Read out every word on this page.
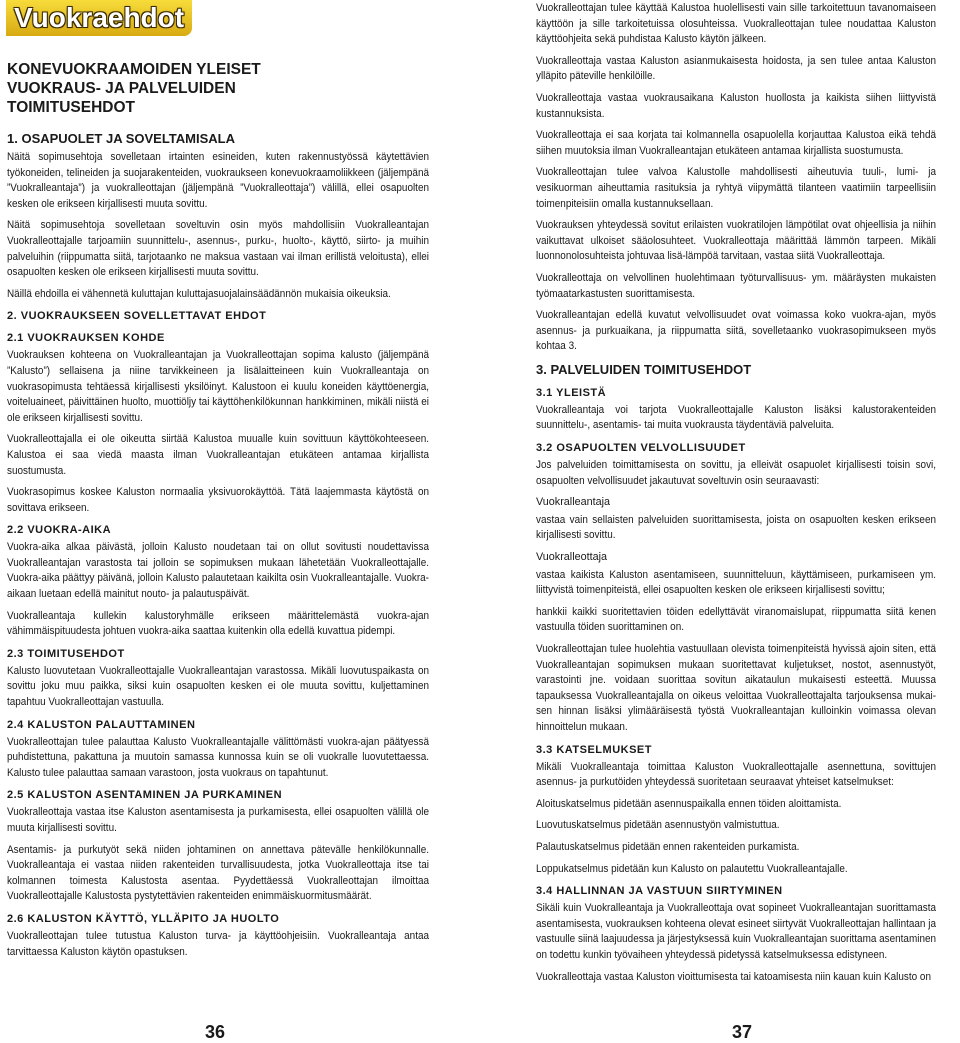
Vuokraehdot
KONEVUOKRAAMOIDEN YLEISET
VUOKRAUS- JA PALVELUIDEN
TOIMITUSEHDOT
1. OSAPUOLET JA SOVELTAMISALA

Näitä sopimusehtoja sovelletaan irtainten esineiden, kuten rakennustyössä käytettävien työkoneiden, telineiden ja suojarakenteiden, vuokraukseen konevuokraamoliikkeen (jäljempänä ”Vuokralleantaja”) ja vuokralleottajan (jäljempänä ”Vuokralleottaja”) välillä, ellei osapuolten kesken ole erikseen kirjallisesti muuta sovittu.

Näitä sopimusehtoja sovelletaan soveltuvin osin myös mahdollisiin Vuokralleantajan Vuokralleottajalle tarjoamiin suunnittelu-, asennus-, purku-, huolto-, käyttö, siirto- ja muihin palveluihin (riippumatta siitä, tarjotaanko ne maksua vastaan vai ilman erillistä veloitusta), ellei osapuolten kesken ole erikseen kirjallisesti muuta sovittu.

Näillä ehdoilla ei vähennetä kuluttajan kuluttajasuojalainsäädännön mukaisia oikeuksia.

2. VUOKRAUKSEEN SOVELLETTAVAT EHDOT
2.1 VUOKRAUKSEN KOHDE

Vuokrauksen kohteena on Vuokralleantajan ja Vuokralleottajan sopima kalusto (jäljempänä ”Kalusto”) sellaisena ja niine tarvikkeineen ja lisälaitteineen kuin Vuokralleantaja on vuokrasopimusta tehtäessä kirjallisesti yksilöinyt. Kalustoon ei kuulu koneiden käyttöenergia, voiteluaineet, päivittäinen huolto, muottiöljy tai käyttöhenkilökunnan hankkiminen, mikäli niistä ei ole erikseen kirjallisesti sovittu.

Vuokralleottajalla ei ole oikeutta siirtää Kalustoa muualle kuin sovittuun käyttökohteeseen. Kalustoa ei saa viedä maasta ilman Vuokralleantajan etukäteen antamaa kirjallista suostumusta.

Vuokrasopimus koskee Kaluston normaalia yksivuorokäyttöä. Tätä laajemmasta käytöstä on sovittava erikseen.

2.2 VUOKRA-AIKA

Vuokra-aika alkaa päivästä, jolloin Kalusto noudetaan tai on ollut sovitusti noudettavissa Vuokralleantajan varastosta tai jolloin se sopimuksen mukaan lähetetään Vuokralleottajalle. Vuokra-aika päättyy päivänä, jolloin Kalusto palautetaan kaikilta osin Vuokralleantajalle. Vuokra-aikaan luetaan edellä mainitut nouto- ja palautuspäivät.

Vuokralleantaja kullekin kalustoryhmälle erikseen määrittelemästä vuokra-ajan vähimmäispituudesta johtuen vuokra-aika saattaa kuitenkin olla edellä kuvattua pidempi.

2.3 TOIMITUSEHDOT

Kalusto luovutetaan Vuokralleottajalle Vuokralleantajan varastossa. Mikäli luovutuspaikasta on sovittu joku muu paikka, siksi kuin osapuolten kesken ei ole muuta sovittu, kuljettaminen tapahtuu Vuokralleottajan vastuulla.

2.4 KALUSTON PALAUTTAMINEN

Vuokralleottajan tulee palauttaa Kalusto Vuokralleantajalle välittömästi vuokra-ajan päätyessä puhdistettuna, pakattuna ja muutoin samassa kunnossa kuin se oli vuokralle luovutettaessa. Kalusto tulee palauttaa samaan varastoon, josta vuokraus on tapahtunut.

2.5 KALUSTON ASENTAMINEN JA PURKAMINEN

Vuokralleottaja vastaa itse Kaluston asentamisesta ja purkamisesta, ellei osapuolten välillä ole muuta kirjallisesti sovittu.

Asentamis- ja purkutyöt sekä niiden johtaminen on annettava pätevälle henkilökunnalle. Vuokralleantaja ei vastaa niiden rakenteiden turvallisuudesta, jotka Vuokralleottaja itse tai kolmannen toimesta Kalustosta asentaa. Pyydettäessä Vuokralleottajan ilmoittaa Vuokralleottajalle Kalustosta pystytettävien rakenteiden enimmäiskuormitusmäärät.

2.6 KALUSTON KÄYTTÖ, YLLÄPITO JA HUOLTO

Vuokralleottajan tulee tutustua Kaluston turva- ja käyttöohjeisiin. Vuokralleantaja antaa tarvittaessa Kaluston käytön opastuksen.

36

Vuokralleottajan tulee käyttää Kalustoa huolellisesti vain sille tarkoitettuun tavanomaiseen käyttöön ja sille tarkoitetuissa olosuhteissa. Vuokralleottajan tulee noudattaa Kaluston käyttöohjeita sekä puhdistaa Kalusto käytön jälkeen.

Vuokralleottaja vastaa Kaluston asianmukaisesta hoidosta, ja sen tulee antaa Kaluston ylläpito päteville henkilöille.

Vuokralleottaja vastaa vuokrausaikana Kaluston huollosta ja kaikista siihen liittyvistä kustannuksista.

Vuokralleottaja ei saa korjata tai kolmannella osapuolella korjauttaa Kalustoa eikä tehdä siihen muutoksia ilman Vuokralleantajan etukäteen antamaa kirjallista suostumusta.

Vuokralleottajan tulee valvoa Kalustolle mahdollisesti aiheutuvia tuuli-, lumi- ja vesikuorman aiheuttamia rasituksia ja ryhtyä viipymättä tilanteen vaatimiin tarpeellisiin toimenpiteisiin omalla kustannuksellaan.

Vuokrauksen yhteydessä sovitut erilaisten vuokratilojen lämpötilat ovat ohjeellisia ja niihin vaikuttavat ulkoiset sääolosuhteet. Vuokralleottaja määrittää lämmön tarpeen. Mikäli luonnonolosuhteista johtuvaa lisä-lämpöä tarvitaan, vastaa siitä Vuokralleottaja.

Vuokralleottaja on velvollinen huolehtimaan työturvallisuus- ym. määräysten mukaisten työmaatarkastusten suorittamisesta.

Vuokralleantajan edellä kuvatut velvollisuudet ovat voimassa koko vuokra-ajan, myös asennus- ja purkuaikana, ja riippumatta siitä, sovelletaanko vuokrasopimukseen myös kohtaa 3.

3. PALVELUIDEN TOIMITUSEHDOT
3.1 YLEISTÄ

Vuokralleantaja voi tarjota Vuokralleottajalle Kaluston lisäksi kalustorakenteiden suunnittelu-, asentamis- tai muita vuokrausta täydentäviä palveluita.

3.2 OSAPUOLTEN VELVOLLISUUDET

Jos palveluiden toimittamisesta on sovittu, ja elleivät osapuolet kirjallisesti toisin sovi, osapuolten velvollisuudet jakautuvat soveltuvin osin seuraavasti:

Vuokralleantaja

vastaa vain sellaisten palveluiden suorittamisesta, joista on osapuolten kesken erikseen kirjallisesti sovittu.

Vuokralleottaja

vastaa kaikista Kaluston asentamiseen, suunnitteluun, käyttämiseen, purkamiseen ym. liittyvistä toimenpiteistä, ellei osapuolten kesken ole erikseen kirjallisesti sovittu;

hankkii kaikki suoritettavien töiden edellyttävät viranomaislupat, riippumatta siitä kenen vastuulla töiden suorittaminen on.

Vuokralleottajan tulee huolehtia vastuullaan olevista toimenpiteistä hyvissä ajoin siten, että Vuokralleantajan sopimuksen mukaan suoritettavat kuljetukset, nostot, asennustyöt, varastointi jne. voidaan suorittaa sovitun aikataulun mukaisesti esteettä. Muussa tapauksessa Vuokralleantajalla on oikeus veloittaa Vuokralleottajalta tarjouksensa mukai-sen hinnan lisäksi ylimääräisestä työstä Vuokralleantajan kulloinkin voimassa olevan hinnoittelun mukaan.

3.3 KATSELMUKSET

Mikäli Vuokralleantaja toimittaa Kaluston Vuokralleottajalle asennettuna, sovittujen asennus- ja purkutöiden yhteydessä suoritetaan seuraavat yhteiset katselmukset:

Aloituskatselmus pidetään asennuspaikalla ennen töiden aloittamista.

Luovutuskatselmus pidetään asennustyön valmistuttua.

Palautuskatselmus pidetään ennen rakenteiden purkamista.

Loppukatselmus pidetään kun Kalusto on palautettu Vuokralleantajalle.

3.4 HALLINNAN JA VASTUUN SIIRTYMINEN

Sikäli kuin Vuokralleantaja ja Vuokralleottaja ovat sopineet Vuokralleantajan suorittamasta asentamisesta, vuokrauksen kohteena olevat esineet siirtyvät Vuokralleottajan hallintaan ja vastuulle siinä laajuudessa ja järjestyksessä kuin Vuokralleantajan suorittama asentaminen on todettu kunkin työvaiheen yhteydessä pidetyssä katselmuksessa edistyneen.

Vuokralleottaja vastaa Kaluston vioittumisesta tai katoamisesta niin kauan kuin Kalusto on

37
